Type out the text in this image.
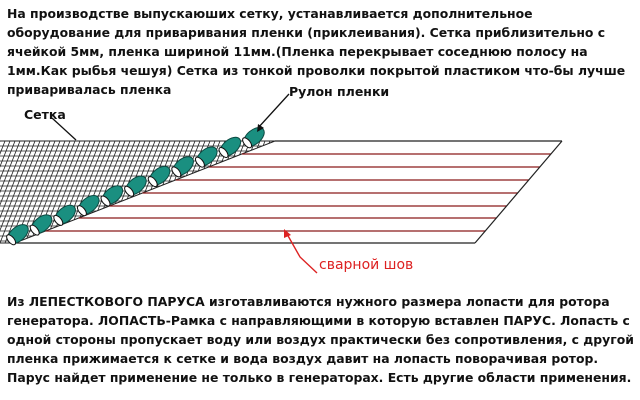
На производстве выпускаюших сетку, устанавливается дополнительное оборудование для приваривания пленки (приклеивания). Сетка приблизительно с ячейкой 5мм, пленка шириной 11мм.(Пленка перекрывает соседнюю полосу на 1мм.Как рыбья чешуя) Сетка из тонкой проволки покрытой пластиком что-бы лучше приваривалась пленка

Сетка
Рулон пленки
сварной шов

Из ЛЕПЕСТКОВОГО ПАРУСА изготавливаются нужного размера лопасти для ротора генератора. ЛОПАСТЬ-Рамка с направляющими в которую вставлен ПАРУС. Лопасть с одной стороны пропускает воду или воздух практически без сопротивления, с другой пленка прижимается к сетке и вода воздух давит на лопасть поворачивая ротор. Парус найдет применение не только в генераторах. Есть другие области применения.
